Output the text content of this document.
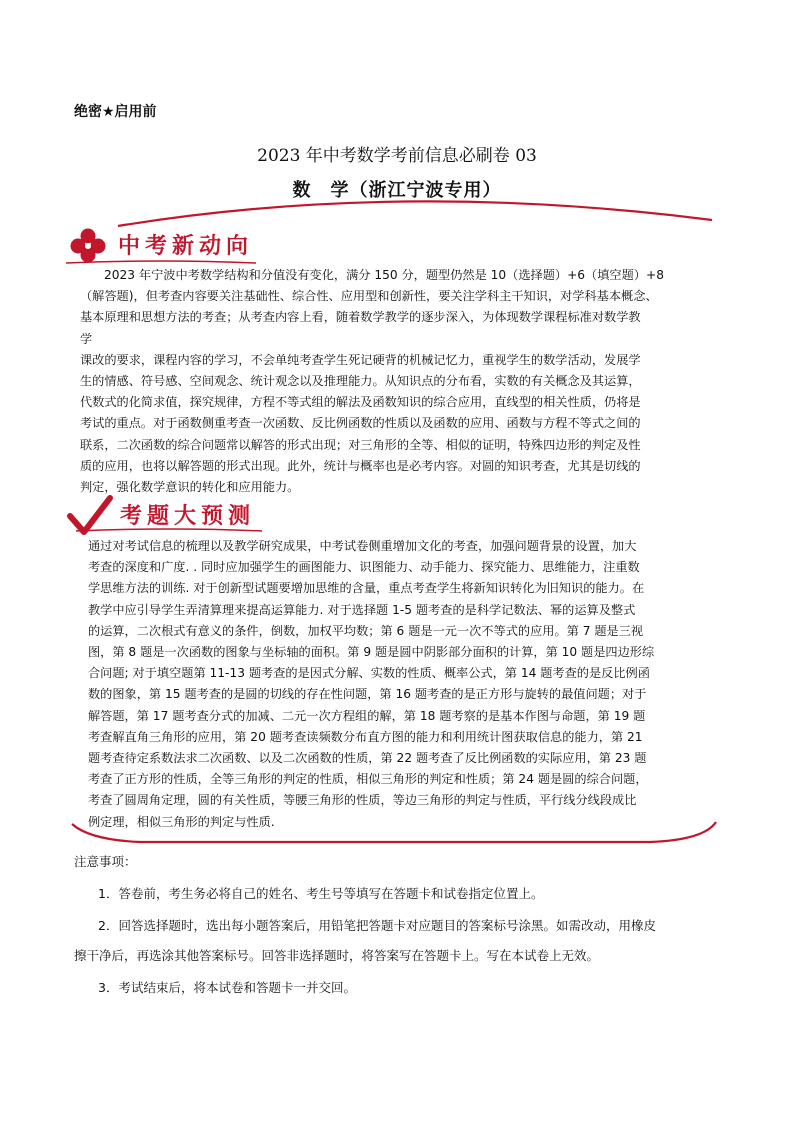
绝密★启用前
2023 年中考数学考前信息必刷卷 03
数　学（浙江宁波专用）
中考新动向

2023 年宁波中考数学结构和分值没有变化，满分 150 分，题型仍然是 10（选择题）+6（填空题）+8

（解答题)，但考查内容要关注基础性、综合性、应用型和创新性，要关注学科主干知识，对学科基本概念、

基本原理和思想方法的考查；从考查内容上看，随着数学教学的逐步深入，为体现数学课程标准对数学教

学

课改的要求，课程内容的学习，不会单纯考查学生死记硬背的机械记忆力，重视学生的数学活动，发展学

生的情感、符号感、空间观念、统计观念以及推理能力。从知识点的分布看，实数的有关概念及其运算，

代数式的化简求值，探究规律，方程不等式组的解法及函数知识的综合应用，直线型的相关性质，仍将是

考试的重点。对于函数侧重考查一次函数、反比例函数的性质以及函数的应用、函数与方程不等式之间的

联系，二次函数的综合问题常以解答的形式出现；对三角形的全等、相似的证明，特殊四边形的判定及性

质的应用，也将以解答题的形式出现。此外，统计与概率也是必考内容。对圆的知识考查，尤其是切线的

判定，强化数学意识的转化和应用能力。

考题大预测

通过对考试信息的梳理以及教学研究成果，中考试卷侧重增加文化的考查，加强问题背景的设置，加大

考查的深度和广度. . 同时应加强学生的画图能力、识图能力、动手能力、探究能力、思维能力，注重数

学思维方法的训练. 对于创新型试题要增加思维的含量，重点考查学生将新知识转化为旧知识的能力。在

教学中应引导学生弄清算理来提高运算能力. 对于选择题 1-5 题考查的是科学记数法、幂的运算及整式

的运算，二次根式有意义的条件，倒数，加权平均数；第 6 题是一元一次不等式的应用。第 7 题是三视

图，第 8 题是一次函数的图象与坐标轴的面积。第 9 题是圆中阴影部分面积的计算，第 10 题是四边形综

合问题; 对于填空题第 11-13 题考查的是因式分解、实数的性质、概率公式，第 14 题考查的是反比例函

数的图象，第 15 题考查的是圆的切线的存在性问题，第 16 题考查的是正方形与旋转的最值问题；对于

解答题，第 17 题考查分式的加减、二元一次方程组的解，第 18 题考察的是基本作图与命题，第 19 题

考查解直角三角形的应用，第 20 题考查读频数分布直方图的能力和利用统计图获取信息的能力，第 21

题考查待定系数法求二次函数、以及二次函数的性质，第 22 题考查了反比例函数的实际应用，第 23 题

考查了正方形的性质，全等三角形的判定的性质，相似三角形的判定和性质；第 24 题是圆的综合问题，

考查了圆周角定理，圆的有关性质，等腰三角形的性质，等边三角形的判定与性质，平行线分线段成比

例定理，相似三角形的判定与性质.

注意事项：
1．答卷前，考生务必将自己的姓名、考生号等填写在答题卡和试卷指定位置上。
2．回答选择题时，选出每小题答案后，用铅笔把答题卡对应题目的答案标号涂黑。如需改动，用橡皮
擦干净后，再选涂其他答案标号。回答非选择题时，将答案写在答题卡上。写在本试卷上无效。
3．考试结束后，将本试卷和答题卡一并交回。
